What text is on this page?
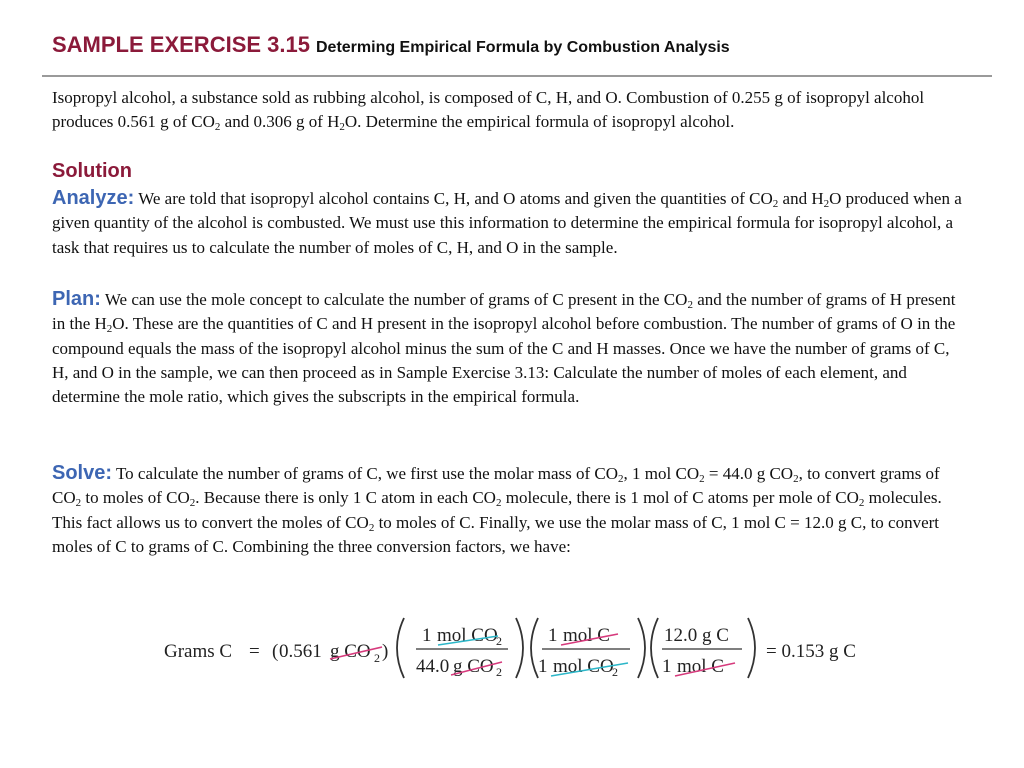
SAMPLE EXERCISE 3.15 Determing Empirical Formula by Combustion Analysis
Isopropyl alcohol, a substance sold as rubbing alcohol, is composed of C, H, and O. Combustion of 0.255 g of isopropyl alcohol produces 0.561 g of $CO_2$ and 0.306 g of $H_2O$. Determine the empirical formula of isopropyl alcohol.
Solution
Analyze: We are told that isopropyl alcohol contains C, H, and O atoms and given the quantities of $CO_2$ and $H_2O$ produced when a given quantity of the alcohol is combusted. We must use this information to determine the empirical formula for isopropyl alcohol, a task that requires us to calculate the number of moles of C, H, and O in the sample.
Plan: We can use the mole concept to calculate the number of grams of C present in the $CO_2$ and the number of grams of H present in the $H_2O$. These are the quantities of C and H present in the isopropyl alcohol before combustion. The number of grams of O in the compound equals the mass of the isopropyl alcohol minus the sum of the C and H masses. Once we have the number of grams of C, H, and O in the sample, we can then proceed as in Sample Exercise 3.13: Calculate the number of moles of each element, and determine the mole ratio, which gives the subscripts in the empirical formula.
Solve: To calculate the number of grams of C, we first use the molar mass of $CO_2$, 1 mol $CO_2 = 44.0$ g $CO_2$, to convert grams of $CO_2$ to moles of $CO_2$. Because there is only 1 C atom in each $CO_2$ molecule, there is 1 mol of C atoms per mole of $CO_2$ molecules. This fact allows us to convert the moles of $CO_2$ to moles of C. Finally, we use the molar mass of C, 1 mol C = 12.0 g C, to convert moles of C to grams of C. Combining the three conversion factors, we have:
Grams C = ( 0.561 g CO 2 )
1 mol CO
2
44.0 g CO 2
1 mol C
1 mol CO
2
12.0 g C
1 mol C
= 0.153 g C
